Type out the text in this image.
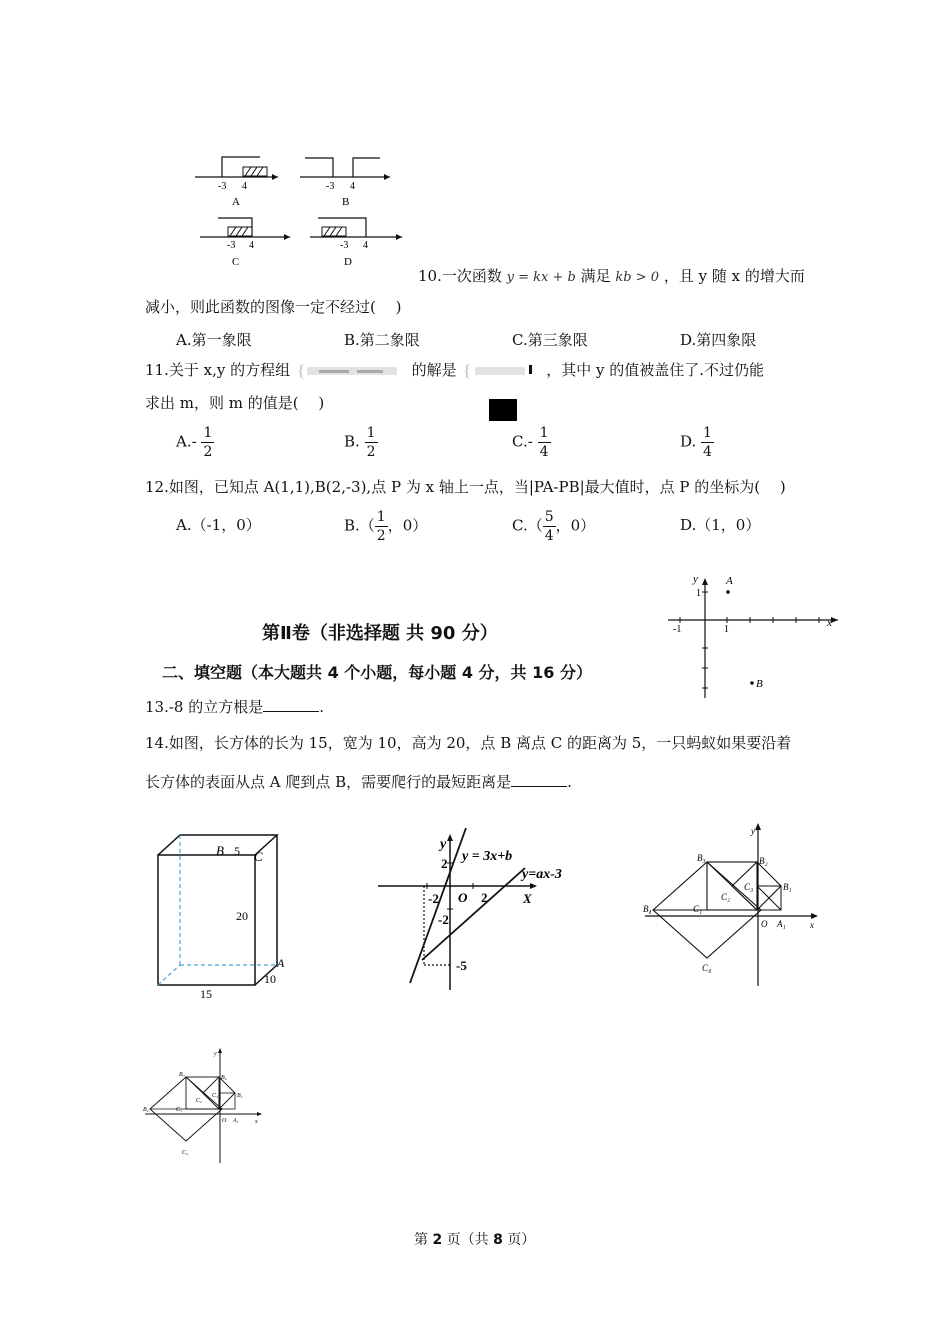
-3 4
A
-3 4
B
-3 4
C
-3 4
D
10.一次函数 y = kx + b 满足 kb > 0 ，且 y 随 x 的增大而
减小，则此函数的图像一定不经过(　 )
A.第一象限	B.第二象限	C.第三象限	D.第四象限
11.关于 x,y 的方程组 {	的解是 {	，其中 y 的值被盖住了.不过仍能
求出 m，则 m 的值是(　 )
$A.- \frac{1}{2}$	B. $\frac{1}{2}$	$C.- \frac{1}{4}$	D. $\frac{1}{4}$
12.如图，已知点 A(1,1),B(2,-3),点 P 为 x 轴上一点，当|PA-PB|最大值时，点 P 的坐标为(　 )
A.（-1，0）	$B.( \frac{1}{2}$ ，0）	$C.( \frac{5}{4}$ ，0）	D.（1，0）
y
x
1
-1	1
A
B
第Ⅱ卷（非选择题 共 90 分）
二、填空题（本大题共 4 个小题，每小题 4 分，共 16 分）
13.-8 的立方根是	.
14.如图，长方体的长为 15，宽为 10，高为 20，点 B 离点 C 的距离为 5，一只蚂蚁如果要沿着
长方体的表面从点 A 爬到点 B，需要爬行的最短距离是	.
B 5 C
20
A
10
15
y
2 y = 3x+b
y=ax-3
-2 O 2	X
-2
-5
y
x
O A₁
B₁
B₂
B₃
B₄	C₁
C₂
C₃
C₄
y
x
O A₁
B₁
B₂
B₃
B₄	C₁
C₂
C₃
C₄
第 2 页（共 8 页）
